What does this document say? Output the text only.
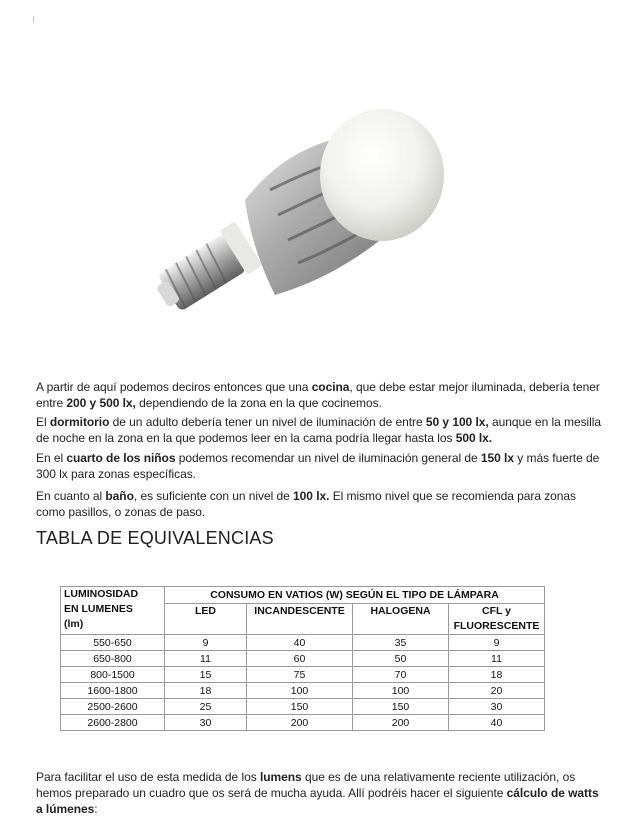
A partir de aquí podemos deciros entonces que una cocina, que debe estar mejor iluminada, debería tener entre 200 y 500 lx, dependiendo de la zona en la que cocinemos.

El dormitorio de un adulto debería tener un nivel de iluminación de entre 50 y 100 lx, aunque en la mesilla de noche en la zona en la que podemos leer en la cama podría llegar hasta los 500 lx.

En el cuarto de los niños podemos recomendar un nivel de iluminación general de 150 lx y más fuerte de 300 lx para zonas específicas.

En cuanto al baño, es suficiente con un nivel de 100 lx. El mismo nivel que se recomienda para zonas como pasillos, o zonas de paso.

TABLA DE EQUIVALENCIAS
LUMINOSIDAD
EN LUMENES
(lm)	CONSUMO EN VATIOS (W) SEGÚN EL TIPO DE LÁMPARA			
	LED	INCANDESCENTE	HALOGENA	CFL y FLUORESCENTE
550-650	9	40	35	9
650-800	11	60	50	11
800-1500	15	75	70	18
1600-1800	18	100	100	20
2500-2600	25	150	150	30
2600-2800	30	200	200	40

Para facilitar el uso de esta medida de los lumens que es de una relativamente reciente utilización, os hemos preparado un cuadro que os será de mucha ayuda. Allí podréis hacer el siguiente cálculo de watts a lúmenes:
